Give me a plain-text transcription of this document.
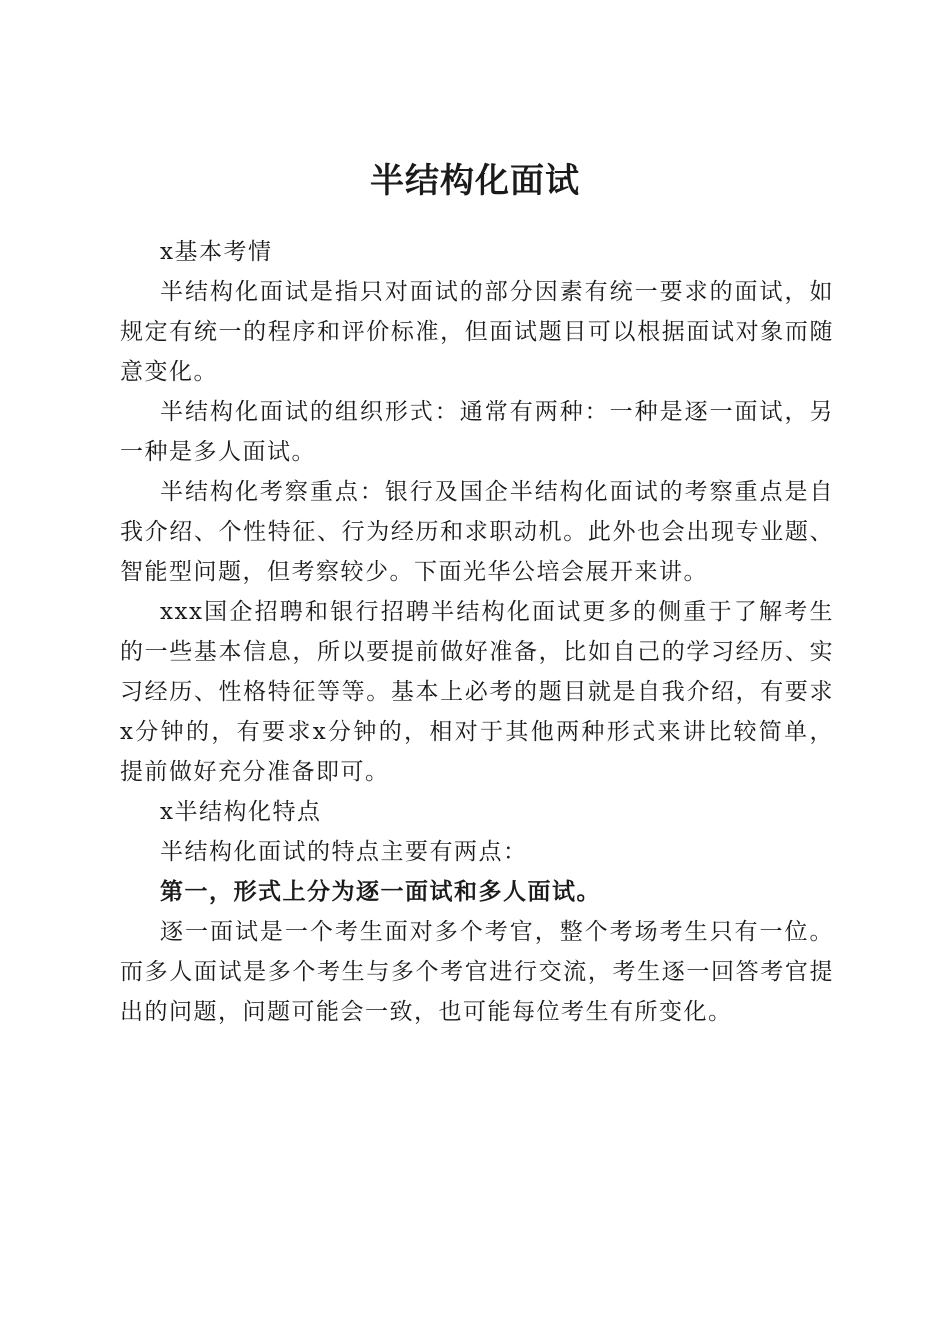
半结构化面试

x基本考情

半结构化面试是指只对面试的部分因素有统一要求的面试，如规定有统一的程序和评价标准，但面试题目可以根据面试对象而随意变化。

半结构化面试的组织形式：通常有两种：一种是逐一面试，另一种是多人面试。

半结构化考察重点：银行及国企半结构化面试的考察重点是自我介绍、个性特征、行为经历和求职动机。此外也会出现专业题、智能型问题，但考察较少。下面光华公培会展开来讲。

xxx国企招聘和银行招聘半结构化面试更多的侧重于了解考生的一些基本信息，所以要提前做好准备，比如自己的学习经历、实习经历、性格特征等等。基本上必考的题目就是自我介绍，有要求x分钟的，有要求x分钟的，相对于其他两种形式来讲比较简单，提前做好充分准备即可。

x半结构化特点

半结构化面试的特点主要有两点：

第一，形式上分为逐一面试和多人面试。

逐一面试是一个考生面对多个考官，整个考场考生只有一位。而多人面试是多个考生与多个考官进行交流，考生逐一回答考官提出的问题，问题可能会一致，也可能每位考生有所变化。
